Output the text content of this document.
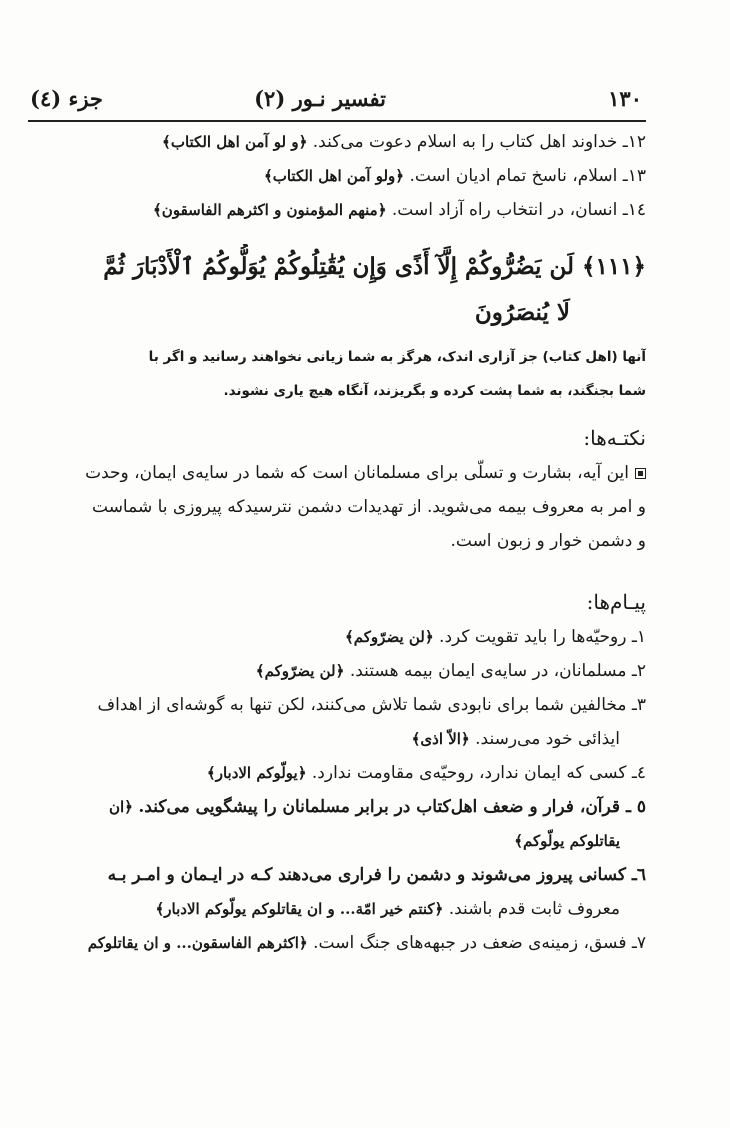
١٣٠
تفسير نـور (٢)
جزء (٤)
١٢ـ خداوند اهل كتاب را به اسلام دعوت مى‌كند. ﴿و لو آمن اهل الكتاب﴾
١٣ـ اسلام، ناسخ تمام اديان است. ﴿ولو آمن اهل الكتاب﴾
١٤ـ انسان، در انتخاب راه آزاد است. ﴿منهم المؤمنون و اكثرهم الفاسقون﴾
﴿١١١﴾ لَن يَضُرُّوكُمْ إِلَّآ أَذًى وَإِن يُقَٰتِلُوكُمْ يُوَلُّوكُمُ ٱلْأَدْبَارَ ثُمَّ
لَا يُنصَرُونَ
آنها (اهل كتاب) جز آزارى اندک، هرگز به شما زيانى نخواهند رسانيد و اگر با
شما بجنگند، به شما پشت كرده و بگريزند، آنگاه هيچ يارى نشوند.
نكتـه‌ها:
اين آيه، بشارت و تسلّى براى مسلمانان است كه شما در سايه‌ى ايمان، وحدت
و امر به معروف بيمه مى‌شويد. از تهديدات دشمن نترسيدكه پيروزى با شماست
و دشمن خوار و زبون است.
پيـام‌ها:
١ـ روحيّه‌ها را بايد تقويت كرد. ﴿لن يضرّوكم﴾
٢ـ مسلمانان، در سايه‌ى ايمان بيمه هستند. ﴿لن يضرّوكم﴾
٣ـ مخالفين شما براى نابودى شما تلاش مى‌كنند، لكن تنها به گوشه‌اى از اهداف
ايذائى خود مى‌رسند. ﴿الاّ اذى﴾
٤ـ كسى كه ايمان ندارد، روحيّه‌ى مقاومت ندارد. ﴿يولّوكم الادبار﴾
٥ ـ قرآن، فرار و ضعف اهل‌كتاب در برابر مسلمانان را پيشگويى مى‌كند. ﴿ان
يقاتلوكم يولّوكم﴾
٦ـ كسانى پيروز مى‌شوند و دشمن را فرارى مى‌دهند كـه در ايـمان و امـر بـه
معروف ثابت قدم باشند. ﴿كنتم خير امّة... و ان يقاتلوكم يولّوكم الادبار﴾
٧ـ فسق، زمينه‌ى ضعف در جبهه‌هاى جنگ است. ﴿اكثرهم الفاسقون... و ان يقاتلوكم
